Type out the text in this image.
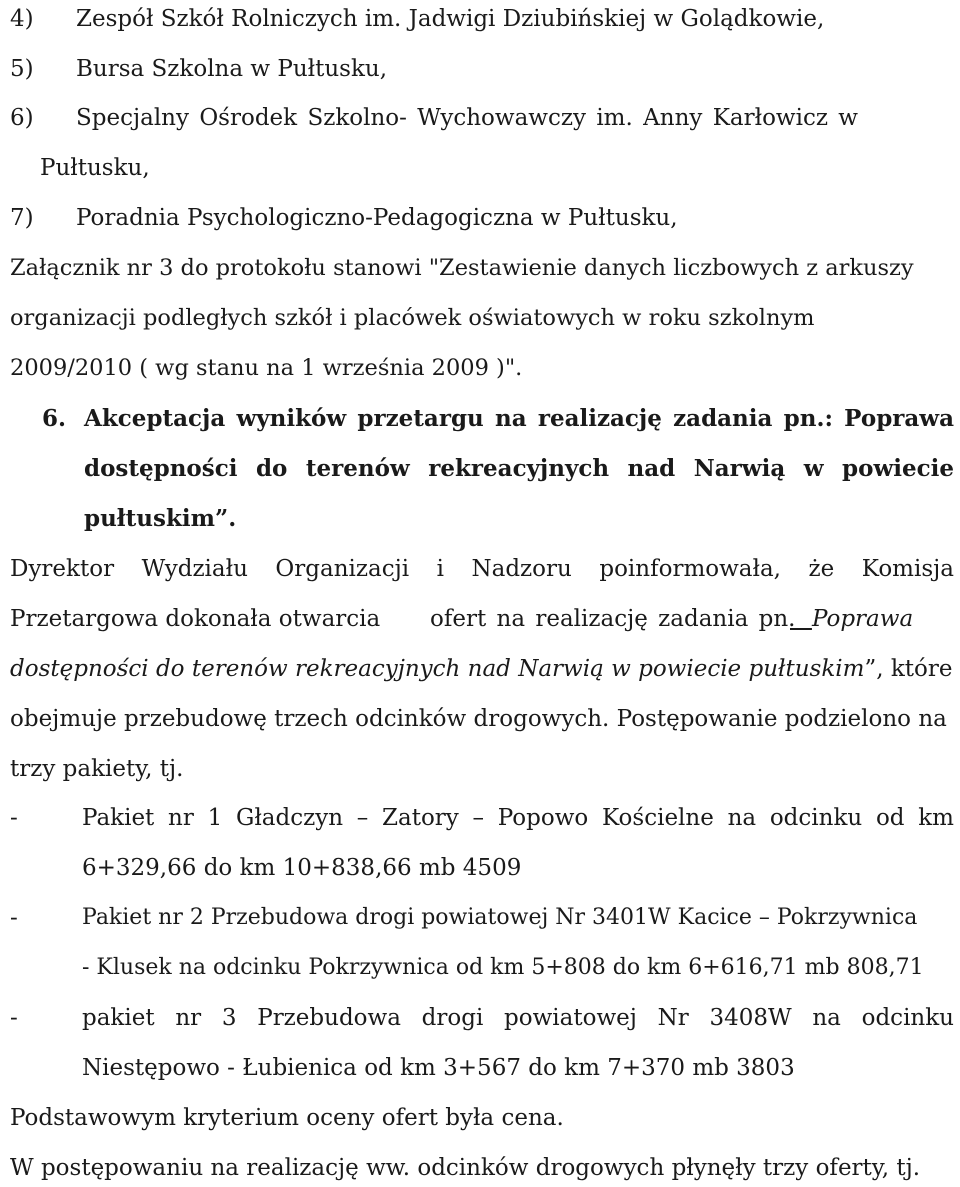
4) Zespół Szkół Rolniczych im. Jadwigi Dziubińskiej w Golądkowie,
5) Bursa Szkolna w Pułtusku,
6) Specjalny Ośrodek Szkolno- Wychowawczy im. Anny Karłowicz w
Pułtusku,
7) Poradnia Psychologiczno-Pedagogiczna w Pułtusku,
Załącznik nr 3 do protokołu stanowi "Zestawienie danych liczbowych z arkuszy
organizacji podległych szkół i placówek oświatowych w roku szkolnym
2009/2010 ( wg stanu na 1 września 2009 )".
6. Akceptacja wyników przetargu na realizację zadania pn.: Poprawa
dostępności do terenów rekreacyjnych nad Narwią w powiecie
pułtuskim”.
Dyrektor Wydziału Organizacji i Nadzoru poinformowała, że Komisja
Przetargowa dokonała otwarcia ofert na realizację zadania pn. Poprawa
dostępności do terenów rekreacyjnych nad Narwią w powiecie pułtuskim”, które
obejmuje przebudowę trzech odcinków drogowych. Postępowanie podzielono na
trzy pakiety, tj.
-	Pakiet nr 1 Gładczyn – Zatory – Popowo Kościelne na odcinku od km
6+329,66 do km 10+838,66 mb 4509
-	Pakiet nr 2 Przebudowa drogi powiatowej Nr 3401W Kacice – Pokrzywnica
- Klusek na odcinku Pokrzywnica od km 5+808 do km 6+616,71 mb 808,71
-	pakiet nr 3 Przebudowa drogi powiatowej Nr 3408W na odcinku
Niestępowo - Łubienica od km 3+567 do km 7+370 mb 3803
Podstawowym kryterium oceny ofert była cena.
W postępowaniu na realizację ww. odcinków drogowych płynęły trzy oferty, tj.
